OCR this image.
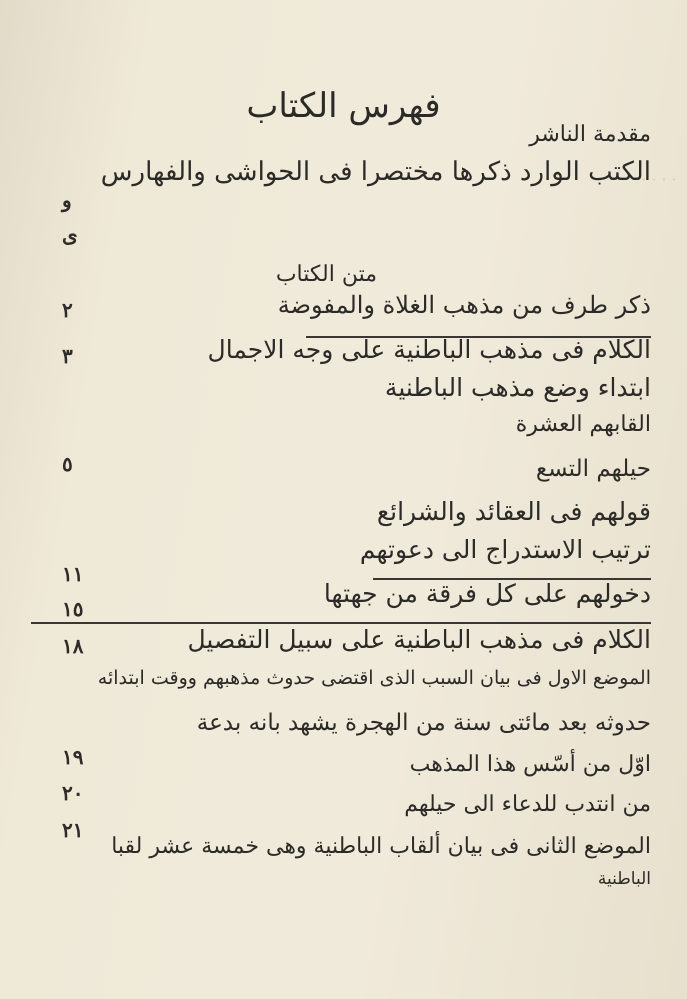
· · · ·
فهرس الكتاب
مقدمة الناشر
الكتب الوارد ذكرها مختصرا فى الحواشى والفهارس
و
ى
متن الكتاب
ذكر طرف من مذهب الغلاة والمفوضة
٢
الكلام فى مذهب الباطنية على وجه الاجمال
٣
ابتداء وضع مذهب الباطنية
القابهم العشرة
حيلهم التسع
٥
قولهم فى العقائد والشرائع
ترتيب الاستدراج الى دعوتهم
١١
دخولهم على كل فرقة من جهتها
١٥
الكلام فى مذهب الباطنية على سبيل التفصيل
١٨
الموضع الاول فى بيان السبب الذى اقتضى حدوث مذهبهم ووقت ابتدائه
حدوثه بعد مائتى سنة من الهجرة يشهد بانه بدعة
اوّل من أسّس هذا المذهب
١٩
من انتدب للدعاء الى حيلهم
٢٠
الموضع الثانى فى بيان ألقاب الباطنية وهى خمسة عشر لقبا
٢١
الباطنية
